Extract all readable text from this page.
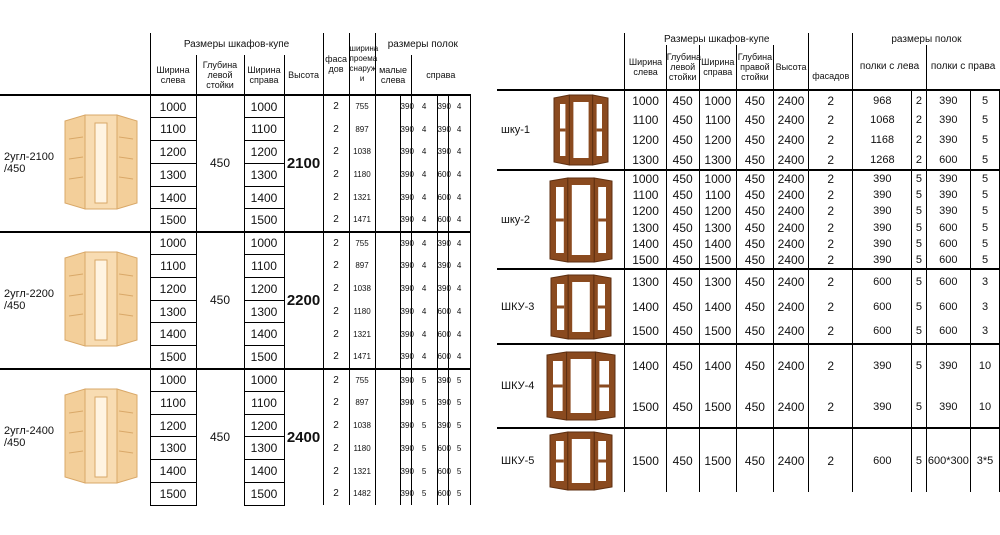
		Размеры шкафов-купе				фаса дов	ширина проема снаруж и	размеры полок				
		Ширина слева	Глубина левой стойки	Ширина справа	Высота			малые слева		справа		
2угл-2100 /450		1000	450	1000	2100	2	755		390	4	390	4
		1100		1100		2	897		390	4	390	4
		1200		1200		2	1038		390	4	390	4
		1300		1300		2	1180		390	4	600	4
		1400		1400		2	1321		390	4	600	4
		1500		1500		2	1471		390	4	600	4
2угл-2200 /450		1000	450	1000	2200	2	755		390	4	390	4
		1100		1100		2	897		390	4	390	4
		1200		1200		2	1038		390	4	390	4
		1300		1300		2	1180		390	4	600	4
		1400		1400		2	1321		390	4	600	4
		1500		1500		2	1471		390	4	600	4
2угл-2400 /450		1000	450	1000	2400	2	755		390	5	390	5
		1100		1100		2	897		390	5	390	5
		1200		1200		2	1038		390	5	390	5
		1300		1300		2	1180		390	5	600	5
		1400		1400		2	1321		390	5	600	5
		1500		1500		2	1482		390	5	600	5
		Размеры шкафов-купе						размеры полок			
		Ширина слева	Глубина левой стойки	Ширина справа	Глубина правой стойки	Высота	фасадов	полки с лева		полки с права	
шку-1		1000	450	1000	450	2400	2	968	2	390	5
		1100	450	1100	450	2400	2	1068	2	390	5
		1200	450	1200	450	2400	2	1168	2	390	5
		1300	450	1300	450	2400	2	1268	2	600	5
шку-2		1000	450	1000	450	2400	2	390	5	390	5
		1100	450	1100	450	2400	2	390	5	390	5
		1200	450	1200	450	2400	2	390	5	390	5
		1300	450	1300	450	2400	2	390	5	600	5
		1400	450	1400	450	2400	2	390	5	600	5
		1500	450	1500	450	2400	2	390	5	600	5
ШКУ-3		1300	450	1300	450	2400	2	600	5	600	3
		1400	450	1400	450	2400	2	600	5	600	3
		1500	450	1500	450	2400	2	600	5	600	3
ШКУ-4		1400	450	1400	450	2400	2	390	5	390	10
		1500	450	1500	450	2400	2	390	5	390	10
ШКУ-5		1500	450	1500	450	2400	2	600	5	600*300	3*5
